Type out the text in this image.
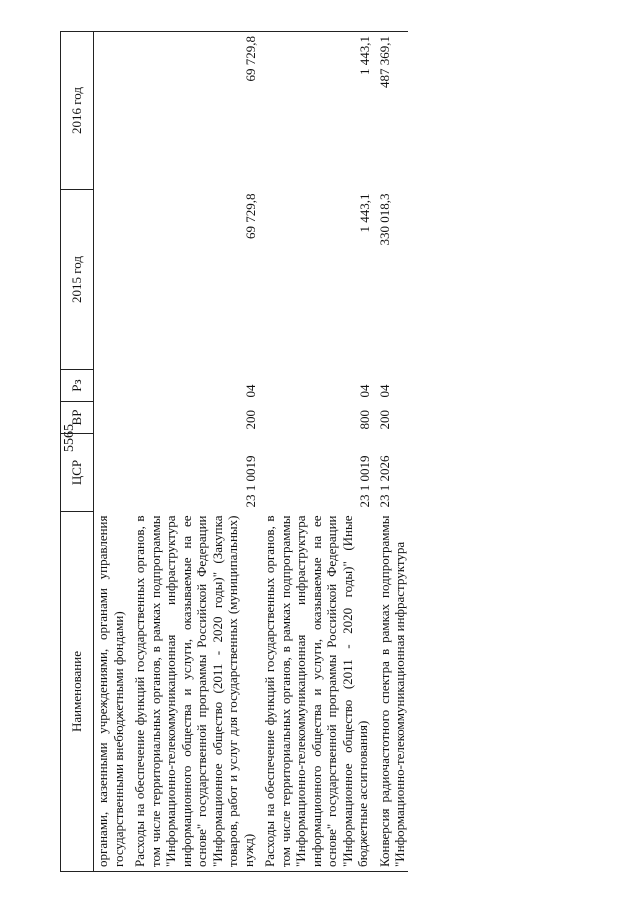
5565
Наименование	ЦСР	ВР	Рз	2015 год	2016 год
органами, казенными учреждениями, органами управления государственными внебюджетными фондами)					
Расходы на обеспечение функций государственных органов, в том числе территориальных органов, в рамках подпрограммы "Информационно-телекоммуникационная инфраструктура информационного общества и услуги, оказываемые на ее основе" государственной программы Российской Федерации "Информационное общество (2011 - 2020 годы)" (Закупка товаров, работ и услуг для государственных (муниципальных) нужд)	23 1 0019	200	04	69 729,8	69 729,8
Расходы на обеспечение функций государственных органов, в том числе территориальных органов, в рамках подпрограммы "Информационно-телекоммуникационная инфраструктура информационного общества и услуги, оказываемые на ее основе" государственной программы Российской Федерации "Информационное общество (2011 - 2020 годы)" (Иные бюджетные ассигнования)	23 1 0019	800	04	1 443,1	1 443,1
Конверсия радиочастотного спектра в рамках подпрограммы "Информационно-телекоммуникационная инфраструктура	23 1 2026	200	04	330 018,3	487 369,1
